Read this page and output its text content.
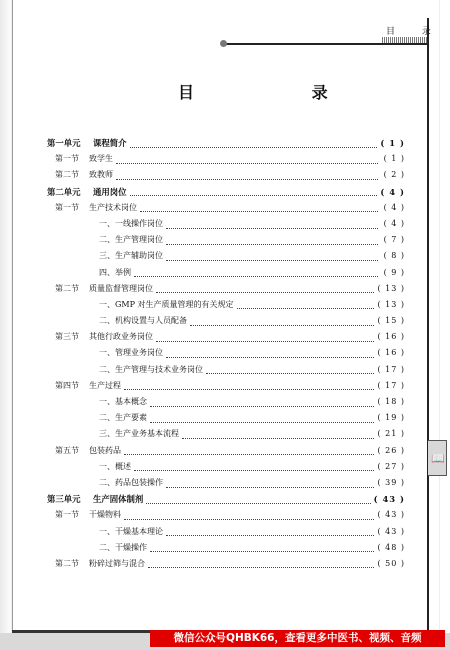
目 录
目 录
第一单元 课程简介	( 1 )
第一节 致学生	( 1 )
第二节 致教师	( 2 )
第二单元 通用岗位	( 4 )
第一节 生产技术岗位	( 4 )
一、一线操作岗位	( 4 )
二、生产管理岗位	( 7 )
三、生产辅助岗位	( 8 )
四、举例	( 9 )
第二节 质量监督管理岗位	( 13 )
一、GMP 对生产质量管理的有关规定	( 13 )
二、机构设置与人员配备	( 15 )
第三节 其他行政业务岗位	( 16 )
一、管理业务岗位	( 16 )
二、生产管理与技术业务岗位	( 17 )
第四节 生产过程	( 17 )
一、基本概念	( 18 )
二、生产要素	( 19 )
三、生产业务基本流程	( 21 )
第五节 包装药品	( 26 )
一、概述	( 27 )
二、药品包装操作	( 39 )
第三单元 生产固体制剂	( 43 )
第一节 干燥物料	( 43 )
一、干燥基本理论	( 43 )
二、干燥操作	( 48 )
第二节 粉碎过筛与混合	( 50 )
📖
微信公众号QHBK66，查看更多中医书、视频、音频
